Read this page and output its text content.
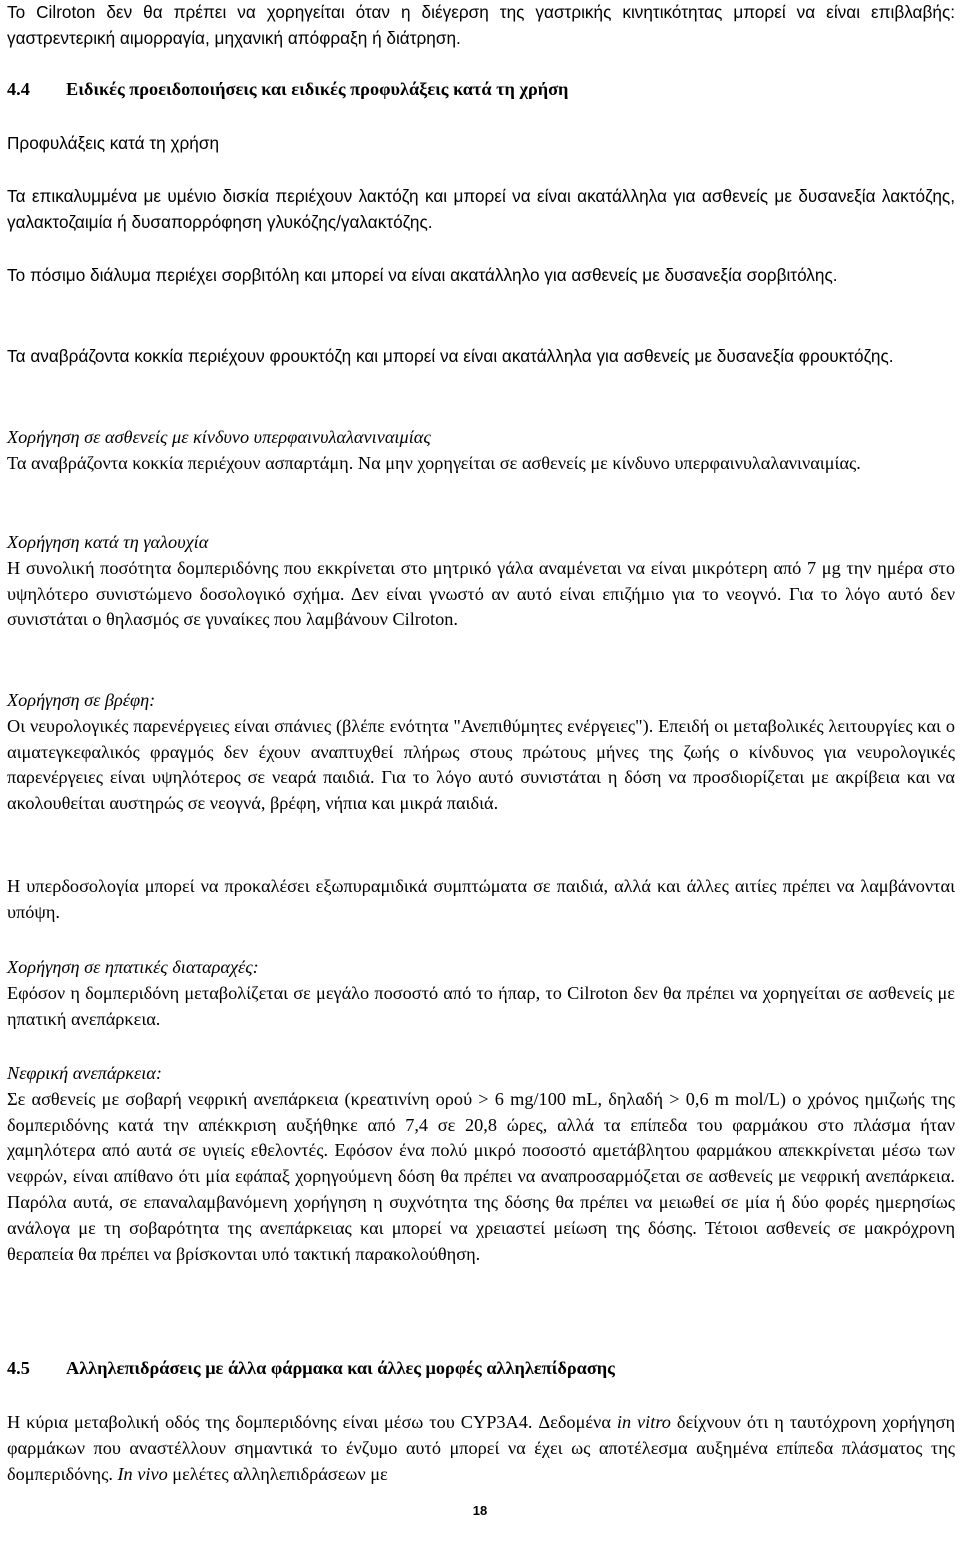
To Cilroton δεν θα πρέπει να χορηγείται όταν η διέγερση της γαστρικής κινητικότητας μπορεί να είναι επιβλαβής: γαστρεντερική αιμορραγία, μηχανική απόφραξη ή διάτρηση.
4.4 Ειδικές προειδοποιήσεις και ειδικές προφυλάξεις κατά τη χρήση
Προφυλάξεις κατά τη χρήση
Τα επικαλυμμένα με υμένιο δισκία περιέχουν λακτόζη και μπορεί να είναι ακατάλληλα για ασθενείς με δυσανεξία λακτόζης, γαλακτοζαιμία ή δυσαπορρόφηση γλυκόζης/γαλακτόζης.
Το πόσιμο διάλυμα περιέχει σορβιτόλη και μπορεί να είναι ακατάλληλο για ασθενείς με δυσανεξία σορβιτόλης.
Τα αναβράζοντα κοκκία περιέχουν φρουκτόζη και μπορεί να είναι ακατάλληλα για ασθενείς με δυσανεξία φρουκτόζης.
Χορήγηση σε ασθενείς με κίνδυνο υπερφαινυλαλανιναιμίας
Τα αναβράζοντα κοκκία περιέχουν ασπαρτάμη. Να μην χορηγείται σε ασθενείς με κίνδυνο υπερφαινυλαλανιναιμίας.
Χορήγηση κατά τη γαλουχία
Η συνολική ποσότητα δομπεριδόνης που εκκρίνεται στο μητρικό γάλα αναμένεται να είναι μικρότερη από 7 μg την ημέρα στο υψηλότερο συνιστώμενο δοσολογικό σχήμα. Δεν είναι γνωστό αν αυτό είναι επιζήμιο για το νεογνό. Για το λόγο αυτό δεν συνιστάται ο θηλασμός σε γυναίκες που λαμβάνουν Cilroton.
Χορήγηση σε βρέφη:
Οι νευρολογικές παρενέργειες είναι σπάνιες (βλέπε ενότητα "Ανεπιθύμητες ενέργειες"). Επειδή οι μεταβολικές λειτουργίες και ο αιματεγκεφαλικός φραγμός δεν έχουν αναπτυχθεί πλήρως στους πρώτους μήνες της ζωής ο κίνδυνος για νευρολογικές παρενέργειες είναι υψηλότερος σε νεαρά παιδιά. Για το λόγο αυτό συνιστάται η δόση να προσδιορίζεται με ακρίβεια και να ακολουθείται αυστηρώς σε νεογνά, βρέφη, νήπια και μικρά παιδιά.
Η υπερδοσολογία μπορεί να προκαλέσει εξωπυραμιδικά συμπτώματα σε παιδιά, αλλά και άλλες αιτίες πρέπει να λαμβάνονται υπόψη.
Χορήγηση σε ηπατικές διαταραχές:
Εφόσον η δομπεριδόνη μεταβολίζεται σε μεγάλο ποσοστό από το ήπαρ, το Cilroton δεν θα πρέπει να χορηγείται σε ασθενείς με ηπατική ανεπάρκεια.
Νεφρική ανεπάρκεια:
Σε ασθενείς με σοβαρή νεφρική ανεπάρκεια (κρεατινίνη ορού > 6 mg/100 mL, δηλαδή > 0,6 m mol/L) ο χρόνος ημιζωής της δομπεριδόνης κατά την απέκκριση αυξήθηκε από 7,4 σε 20,8 ώρες, αλλά τα επίπεδα του φαρμάκου στο πλάσμα ήταν χαμηλότερα από αυτά σε υγιείς εθελοντές. Εφόσον ένα πολύ μικρό ποσοστό αμετάβλητου φαρμάκου απεκκρίνεται μέσω των νεφρών, είναι απίθανο ότι μία εφάπαξ χορηγούμενη δόση θα πρέπει να αναπροσαρμόζεται σε ασθενείς με νεφρική ανεπάρκεια. Παρόλα αυτά, σε επαναλαμβανόμενη χορήγηση η συχνότητα της δόσης θα πρέπει να μειωθεί σε μία ή δύο φορές ημερησίως ανάλογα με τη σοβαρότητα της ανεπάρκειας και μπορεί να χρειαστεί μείωση της δόσης. Τέτοιοι ασθενείς σε μακρόχρονη θεραπεία θα πρέπει να βρίσκονται υπό τακτική παρακολούθηση.
4.5 Αλληλεπιδράσεις με άλλα φάρμακα και άλλες μορφές αλληλεπίδρασης
Η κύρια μεταβολική οδός της δομπεριδόνης είναι μέσω του CYP3A4. Δεδομένα in vitro δείχνουν ότι η ταυτόχρονη χορήγηση φαρμάκων που αναστέλλουν σημαντικά το ένζυμο αυτό μπορεί να έχει ως αποτέλεσμα αυξημένα επίπεδα πλάσματος της δομπεριδόνης. In vivo μελέτες αλληλεπιδράσεων με
18
